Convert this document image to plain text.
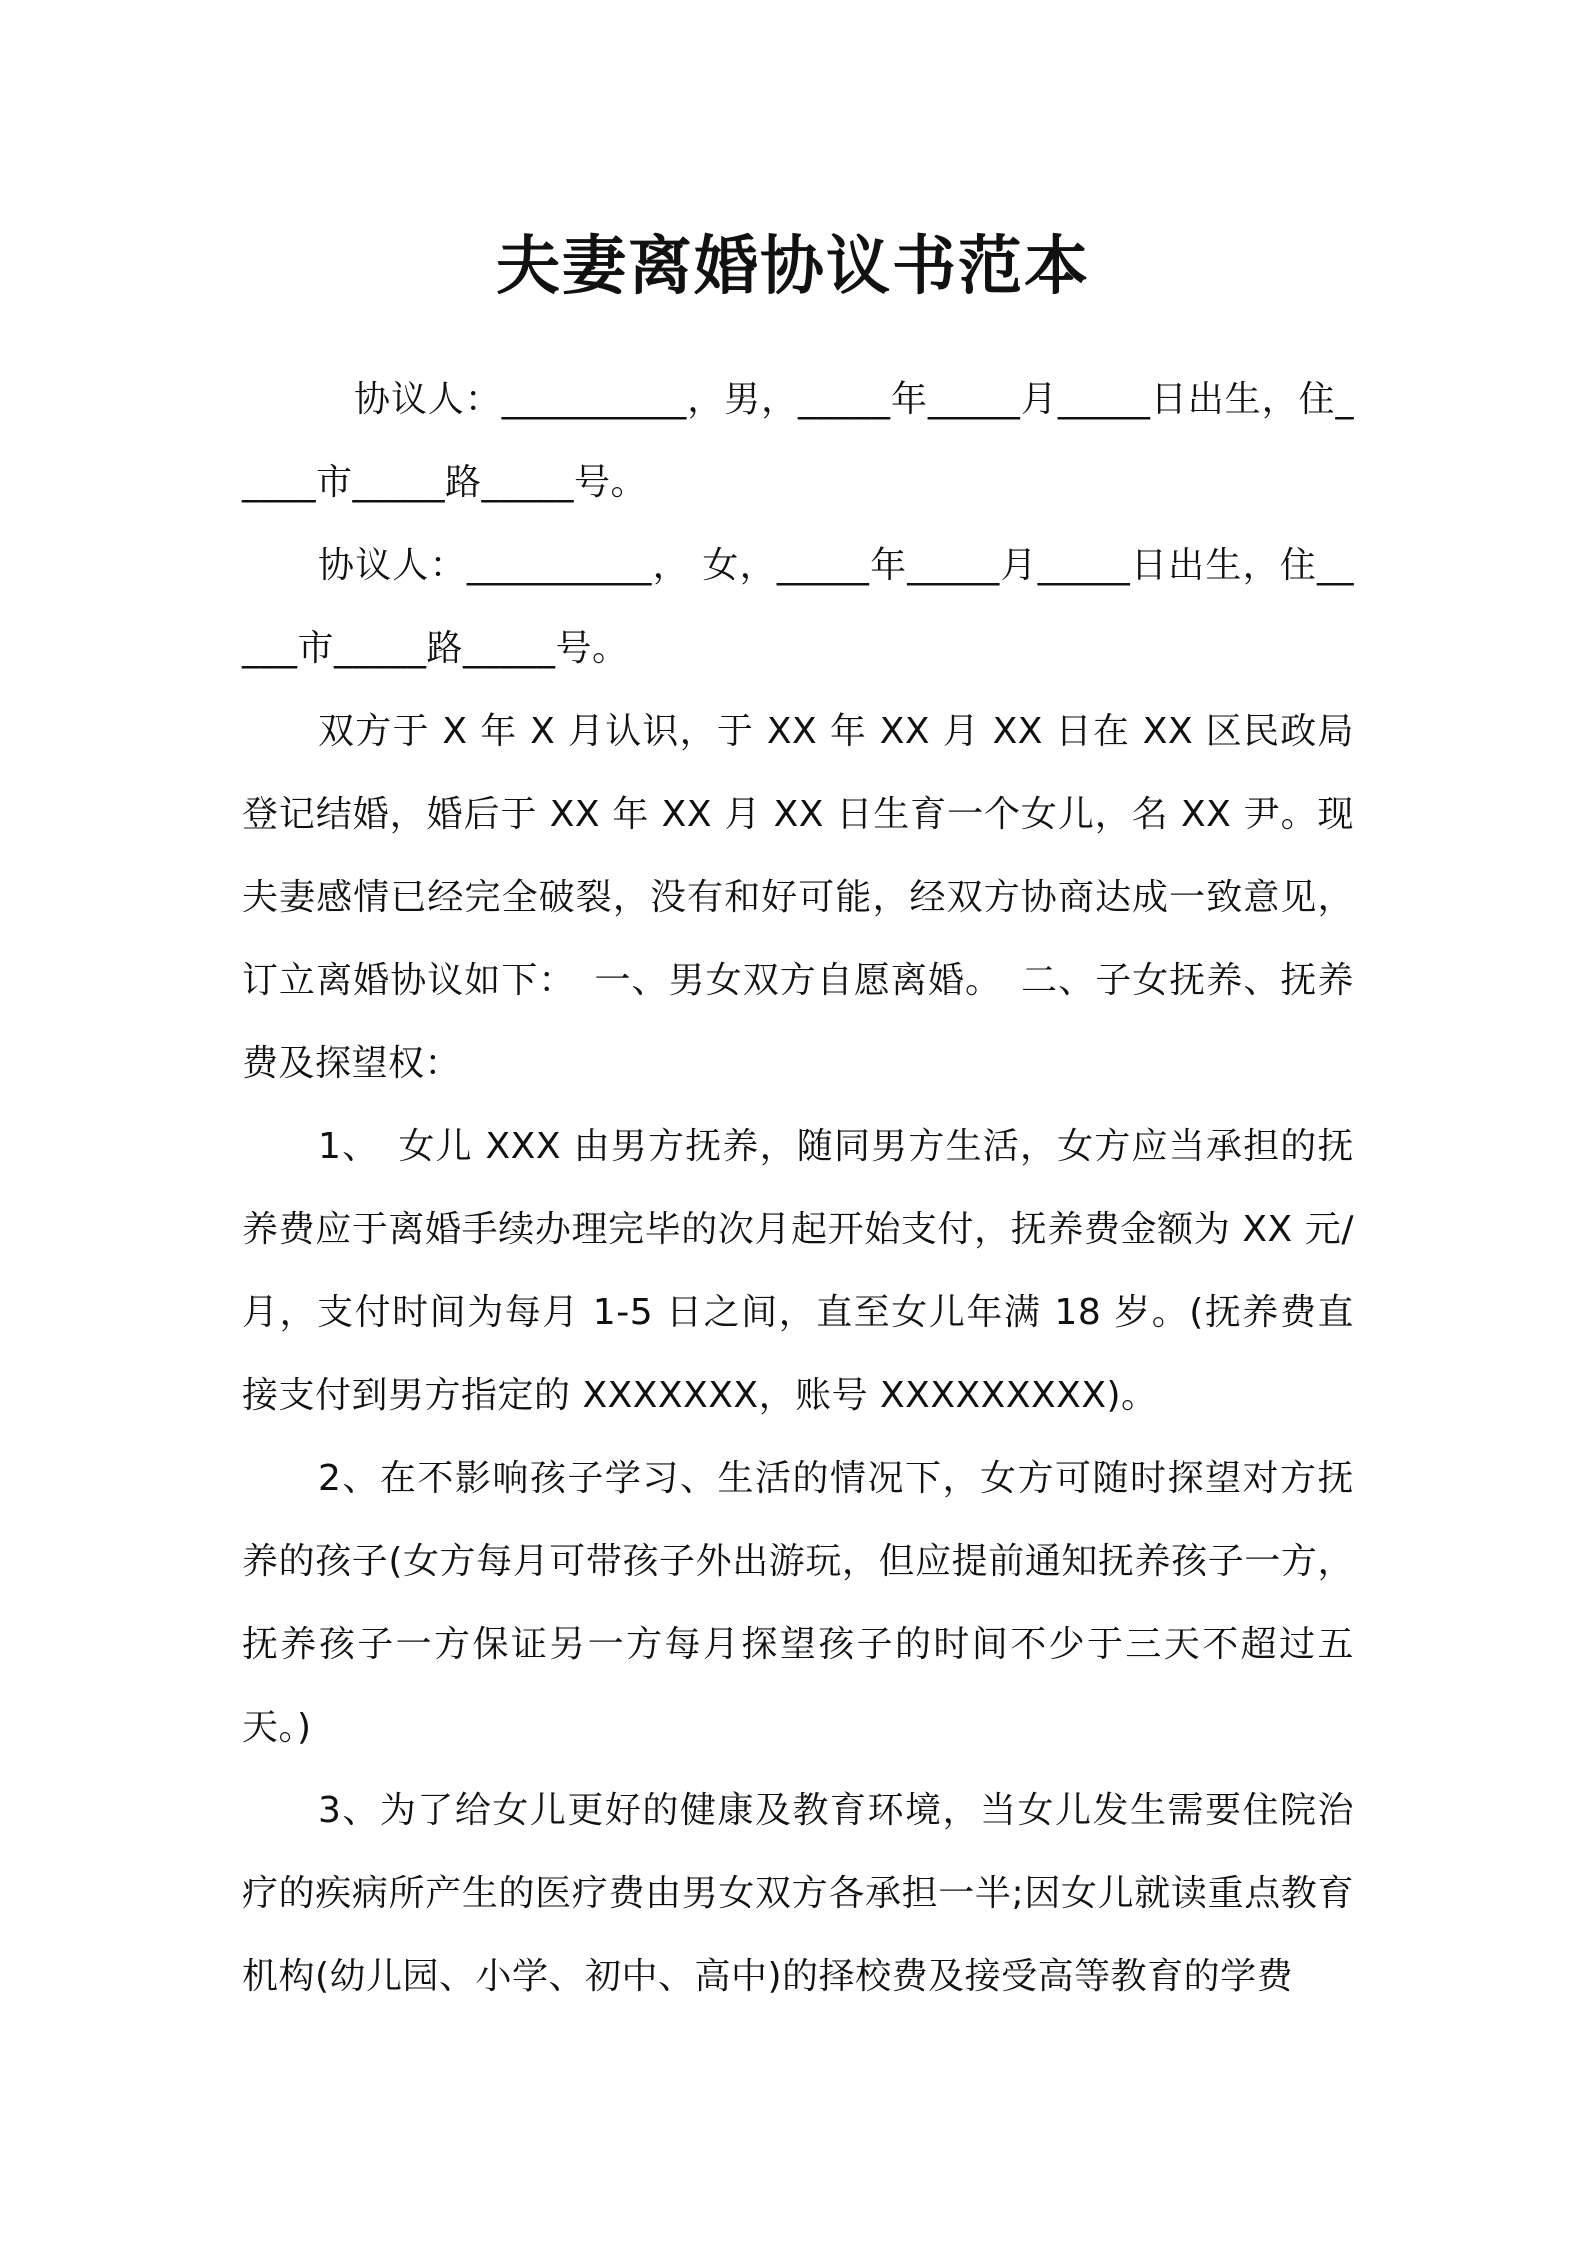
夫妻离婚协议书范本

协议人：__________，男，_____年_____月_____日出生，住_____市_____路_____号。

协议人：__________， 女，_____年_____月_____日出生，住_____市_____路_____号。

双方于 X 年 X 月认识，于 XX 年 XX 月 XX 日在 XX 区民政局登记结婚，婚后于 XX 年 XX 月 XX 日生育一个女儿，名 XX 尹。现夫妻感情已经完全破裂，没有和好可能，经双方协商达成一致意见，订立离婚协议如下：　一、男女双方自愿离婚。　二、子女抚养、抚养费及探望权：

1、　女儿 XXX 由男方抚养，随同男方生活，女方应当承担的抚养费应于离婚手续办理完毕的次月起开始支付，抚养费金额为 XX 元/月，支付时间为每月 1-5 日之间，直至女儿年满 18 岁。(抚养费直接支付到男方指定的 XXXXXXX，账号 XXXXXXXXX)。

2、在不影响孩子学习、生活的情况下，女方可随时探望对方抚养的孩子(女方每月可带孩子外出游玩，但应提前通知抚养孩子一方，抚养孩子一方保证另一方每月探望孩子的时间不少于三天不超过五天。)

3、为了给女儿更好的健康及教育环境，当女儿发生需要住院治疗的疾病所产生的医疗费由男女双方各承担一半;因女儿就读重点教育机构(幼儿园、小学、初中、高中)的择校费及接受高等教育的学费
